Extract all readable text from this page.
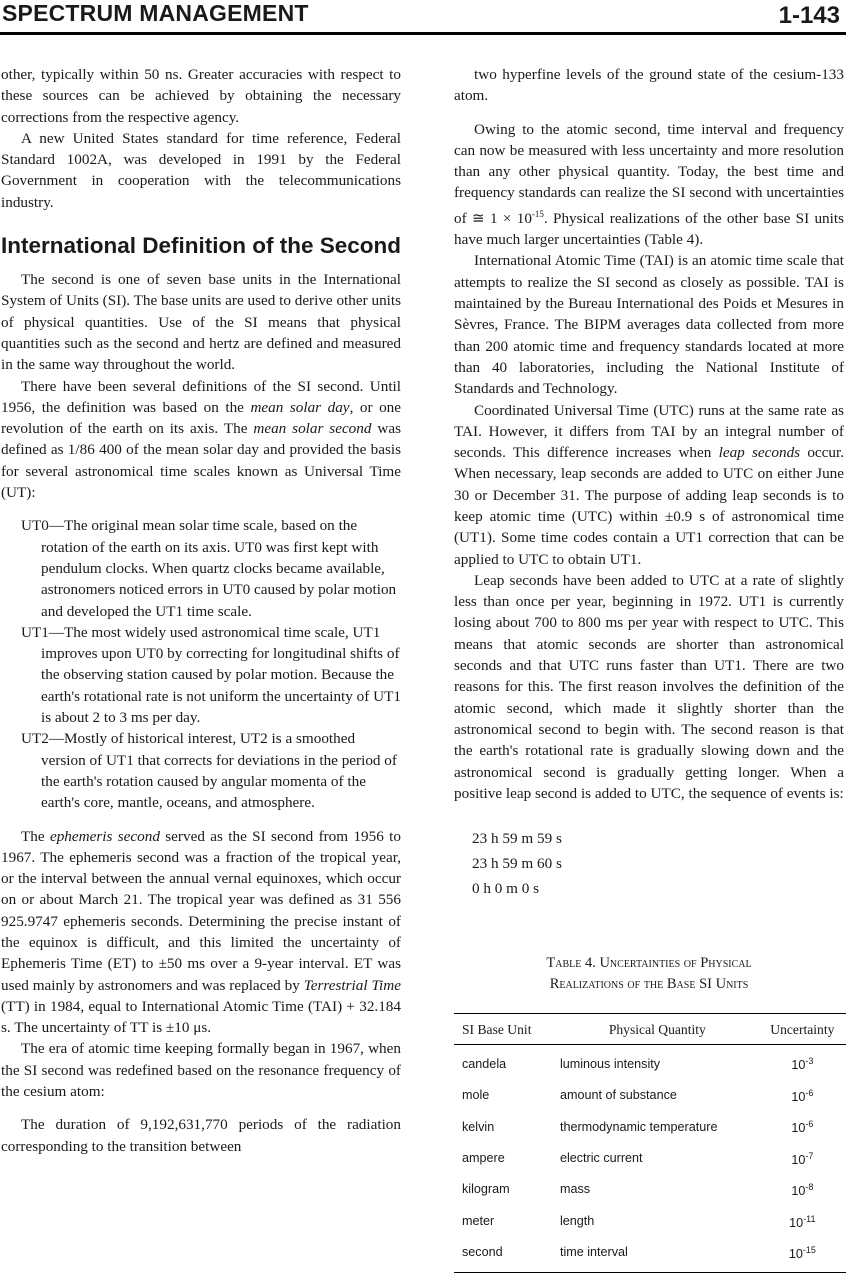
SPECTRUM MANAGEMENT	1-143

other, typically within 50 ns. Greater accuracies with respect to these sources can be achieved by obtaining the necessary corrections from the respective agency.

A new United States standard for time reference, Federal Standard 1002A, was developed in 1991 by the Federal Government in cooperation with the telecommunications industry.

International Definition of the Second

The second is one of seven base units in the International System of Units (SI). The base units are used to derive other units of physical quantities. Use of the SI means that physical quantities such as the second and hertz are defined and measured in the same way throughout the world.

There have been several definitions of the SI second. Until 1956, the definition was based on the mean solar day, or one revolution of the earth on its axis. The mean solar second was defined as 1/86 400 of the mean solar day and provided the basis for several astronomical time scales known as Universal Time (UT):

UT0—The original mean solar time scale, based on the rotation of the earth on its axis. UT0 was first kept with pendulum clocks. When quartz clocks became available, astronomers noticed errors in UT0 caused by polar motion and developed the UT1 time scale.

UT1—The most widely used astronomical time scale, UT1 improves upon UT0 by correcting for longitudinal shifts of the observing station caused by polar motion. Because the earth's rotational rate is not uniform the uncertainty of UT1 is about 2 to 3 ms per day.

UT2—Mostly of historical interest, UT2 is a smoothed version of UT1 that corrects for deviations in the period of the earth's rotation caused by angular momenta of the earth's core, mantle, oceans, and atmosphere.

The ephemeris second served as the SI second from 1956 to 1967. The ephemeris second was a fraction of the tropical year, or the interval between the annual vernal equinoxes, which occur on or about March 21. The tropical year was defined as 31 556 925.9747 ephemeris seconds. Determining the precise instant of the equinox is difficult, and this limited the uncertainty of Ephemeris Time (ET) to ±50 ms over a 9-year interval. ET was used mainly by astronomers and was replaced by Terrestrial Time (TT) in 1984, equal to International Atomic Time (TAI) + 32.184 s. The uncertainty of TT is ±10 μs.

The era of atomic time keeping formally began in 1967, when the SI second was redefined based on the resonance frequency of the cesium atom:

The duration of 9,192,631,770 periods of the radiation corresponding to the transition between

two hyperfine levels of the ground state of the cesium-133 atom.

Owing to the atomic second, time interval and frequency can now be measured with less uncertainty and more resolution than any other physical quantity. Today, the best time and frequency standards can realize the SI second with uncertainties of ≅ $1 \times 10^{-15}$. Physical realizations of the other base SI units have much larger uncertainties (Table 4).

International Atomic Time (TAI) is an atomic time scale that attempts to realize the SI second as closely as possible. TAI is maintained by the Bureau International des Poids et Mesures in Sèvres, France. The BIPM averages data collected from more than 200 atomic time and frequency standards located at more than 40 laboratories, including the National Institute of Standards and Technology.

Coordinated Universal Time (UTC) runs at the same rate as TAI. However, it differs from TAI by an integral number of seconds. This difference increases when leap seconds occur. When necessary, leap seconds are added to UTC on either June 30 or December 31. The purpose of adding leap seconds is to keep atomic time (UTC) within ±0.9 s of astronomical time (UT1). Some time codes contain a UT1 correction that can be applied to UTC to obtain UT1.

Leap seconds have been added to UTC at a rate of slightly less than once per year, beginning in 1972. UT1 is currently losing about 700 to 800 ms per year with respect to UTC. This means that atomic seconds are shorter than astronomical seconds and that UTC runs faster than UT1. There are two reasons for this. The first reason involves the definition of the atomic second, which made it slightly shorter than the astronomical second to begin with. The second reason is that the earth's rotational rate is gradually slowing down and the astronomical second is gradually getting longer. When a positive leap second is added to UTC, the sequence of events is:

23 h 59 m 59 s
23 h 59 m 60 s
0 h 0 m 0 s
Table 4. Uncertainties of Physical
Realizations of the Base SI Units
SI Base Unit	Physical Quantity	Uncertainty
candela	luminous intensity	$10^{-3}$
mole	amount of substance	$10^{-6}$
kelvin	thermodynamic temperature	$10^{-6}$
ampere	electric current	$10^{-7}$
kilogram	mass	$10^{-8}$
meter	length	$10^{-11}$
second	time interval	$10^{-15}$
